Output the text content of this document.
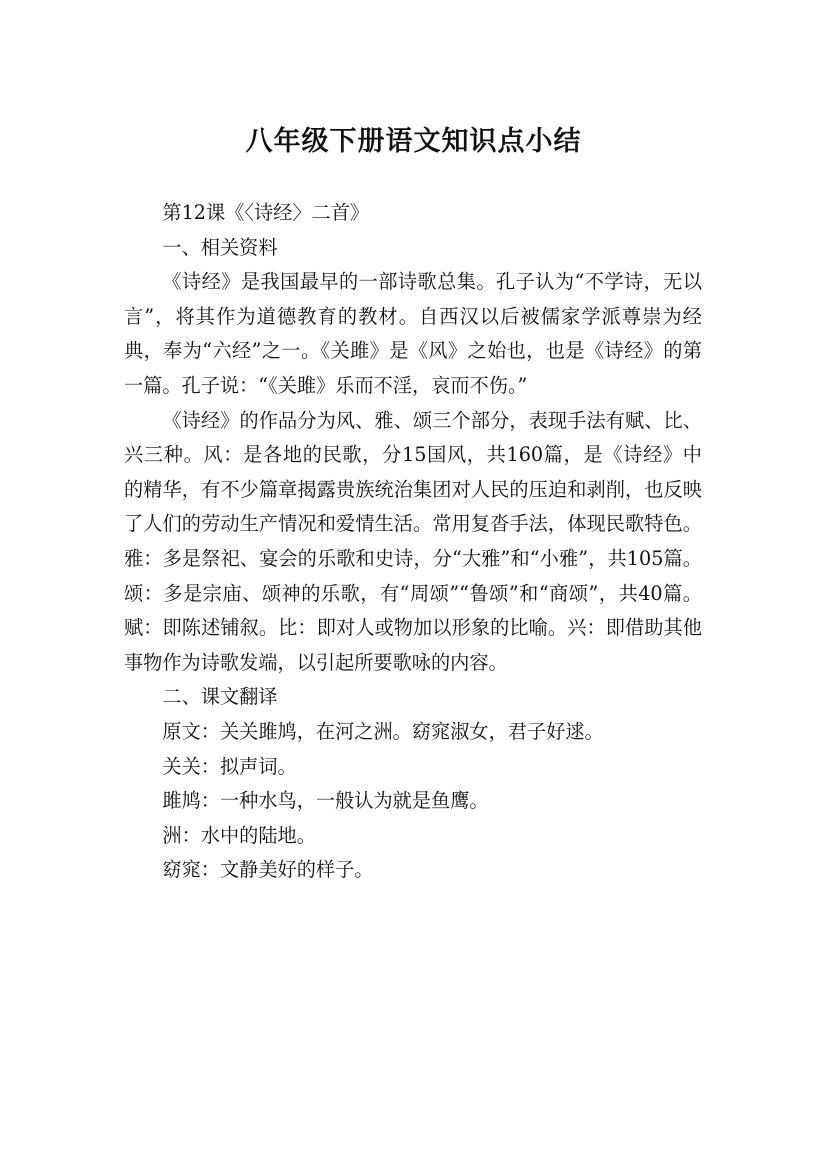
八年级下册语文知识点小结

第12课《〈诗经〉二首》

一、相关资料

《诗经》是我国最早的一部诗歌总集。孔子认为“不学诗，无以言”，将其作为道德教育的教材。自西汉以后被儒家学派尊崇为经典，奉为“六经”之一。《关雎》是《风》之始也，也是《诗经》的第一篇。孔子说：“《关雎》乐而不淫，哀而不伤。”

《诗经》的作品分为风、雅、颂三个部分，表现手法有赋、比、兴三种。风：是各地的民歌，分15国风，共160篇，是《诗经》中的精华，有不少篇章揭露贵族统治集团对人民的压迫和剥削，也反映了人们的劳动生产情况和爱情生活。常用复沓手法，体现民歌特色。雅：多是祭祀、宴会的乐歌和史诗，分“大雅”和“小雅”，共105篇。颂：多是宗庙、颂神的乐歌，有“周颂”“鲁颂”和“商颂”，共40篇。赋：即陈述铺叙。比：即对人或物加以形象的比喻。兴：即借助其他事物作为诗歌发端，以引起所要歌咏的内容。

二、课文翻译

原文：关关雎鸠，在河之洲。窈窕淑女，君子好逑。

关关：拟声词。

雎鸠：一种水鸟，一般认为就是鱼鹰。

洲：水中的陆地。

窈窕：文静美好的样子。
